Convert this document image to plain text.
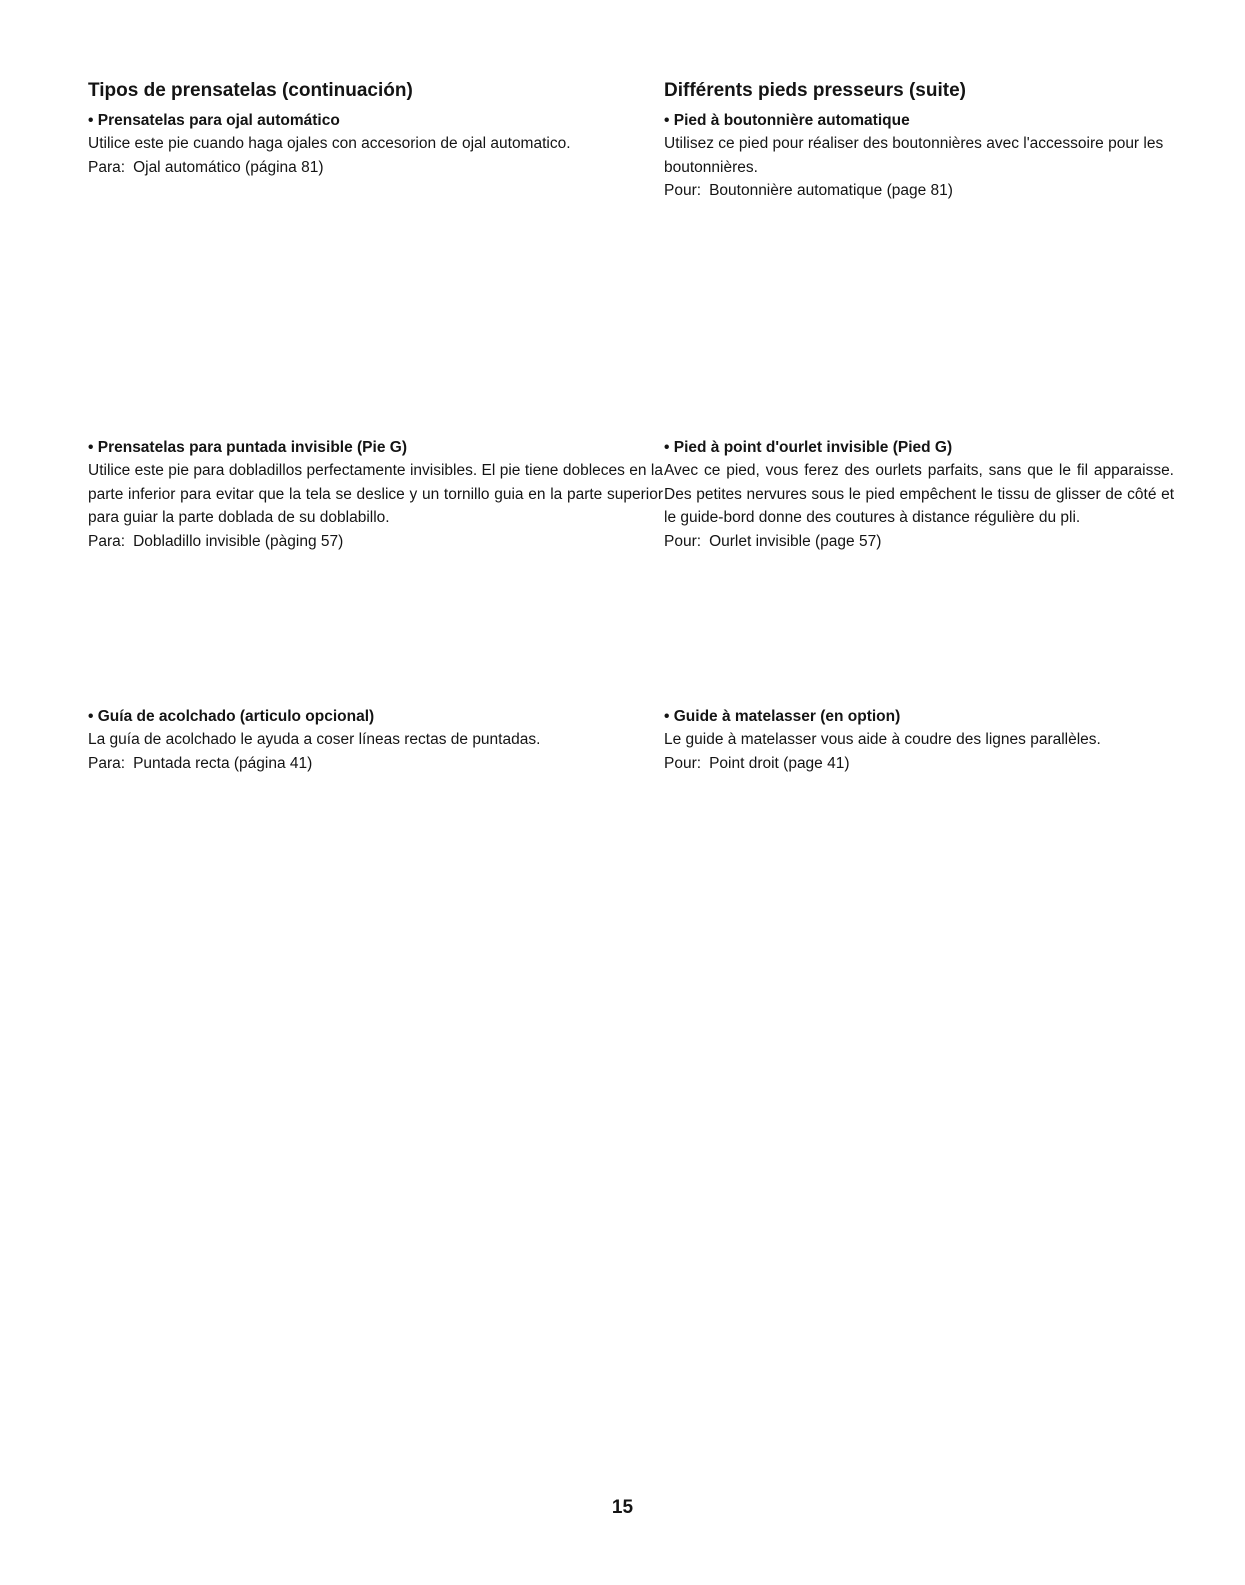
Tipos de prensatelas (continuación)
• Prensatelas para ojal automático

Utilice este pie cuando haga ojales con accesorion de ojal automatico.

Para: Ojal automático (página 81)
• Prensatelas para puntada invisible (Pie G)

Utilice este pie para dobladillos perfectamente invisibles. El pie tiene dobleces en la parte inferior para evitar que la tela se deslice y un tornillo guia en la parte superior para guiar la parte doblada de su doblabillo.

Para: Dobladillo invisible (pàging 57)
• Guía de acolchado (articulo opcional)

La guía de acolchado le ayuda a coser líneas rectas de puntadas.

Para: Puntada recta (página 41)
Différents pieds presseurs (suite)
• Pied à boutonnière automatique

Utilisez ce pied pour réaliser des boutonnières avec l'accessoire pour les boutonnières.

Pour: Boutonnière automatique (page 81)
• Pied à point d'ourlet invisible (Pied G)

Avec ce pied, vous ferez des ourlets parfaits, sans que le fil apparaisse. Des petites nervures sous le pied empêchent le tissu de glisser de côté et le guide-bord donne des coutures à distance régulière du pli.

Pour: Ourlet invisible (page 57)
• Guide à matelasser (en option)

Le guide à matelasser vous aide à coudre des lignes parallèles.

Pour: Point droit (page 41)
15
